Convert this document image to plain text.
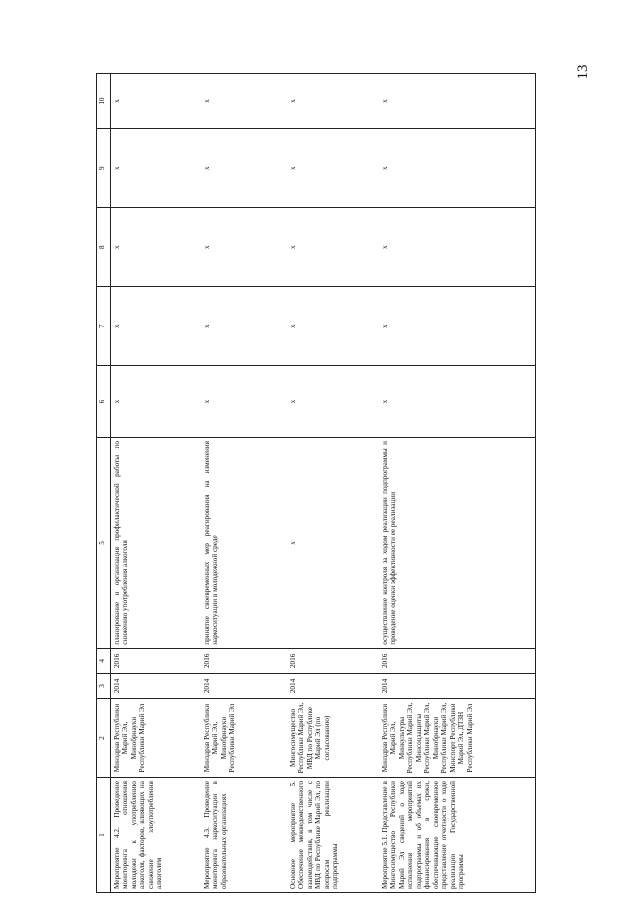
13
1	2	3	4	5	6	7	8	9	10
Мероприятие 4.2. Проведение мониторинга отношения молодежи к употреблению алкоголя, факторов, влияющих на снижение злоупотребления алкоголем	Минздрав Республики Марий Эл, Минобрнауки Республики Марий Эл	2014	2016	планирование и организация профилактической работы по снижению употребления алкоголя	x	x	x	x	x
Мероприятие 4.3. Проведение мониторинга наркоситуации в образовательных организациях	Минздрав Республики Марий Эл, Минобрнауки Республики Марий Эл	2014	2016	принятие своевременных мер реагирования на изменения наркоситуации в молодежной среде	x	x	x	x	x
Основное мероприятие 5. Обеспечение межведомственного взаимодействия, в том числе с МВД по Республике Марий Эл, по вопросам реализации подпрограммы	Мингосимущество Республики Марий Эл, МВД по Республике Марий Эл (по согласованию)	2014	2016	x	x	x	x	x	x
Мероприятие 5.1. Представление в Мингосимущество Республики Марий Эл сведений о ходе исполнения мероприятий подпрограммы и об объемах их финансирования в сроки, обеспечивающие своевременное представление отчетности о ходе реализации Государственной программы	Минздрав Республики Марий Эл, Минкультуры Республики Марий Эл, Минсоцзащиты Республики Марий Эл, Минобрнауки Республики Марий Эл, Минспорт Республики Марий Эл, ДТЗН Республики Марий Эл	2014	2016	осуществление контроля за ходом реализации подпрограммы и проведение оценки эффективности ее реализации	x	x	x	x	x
